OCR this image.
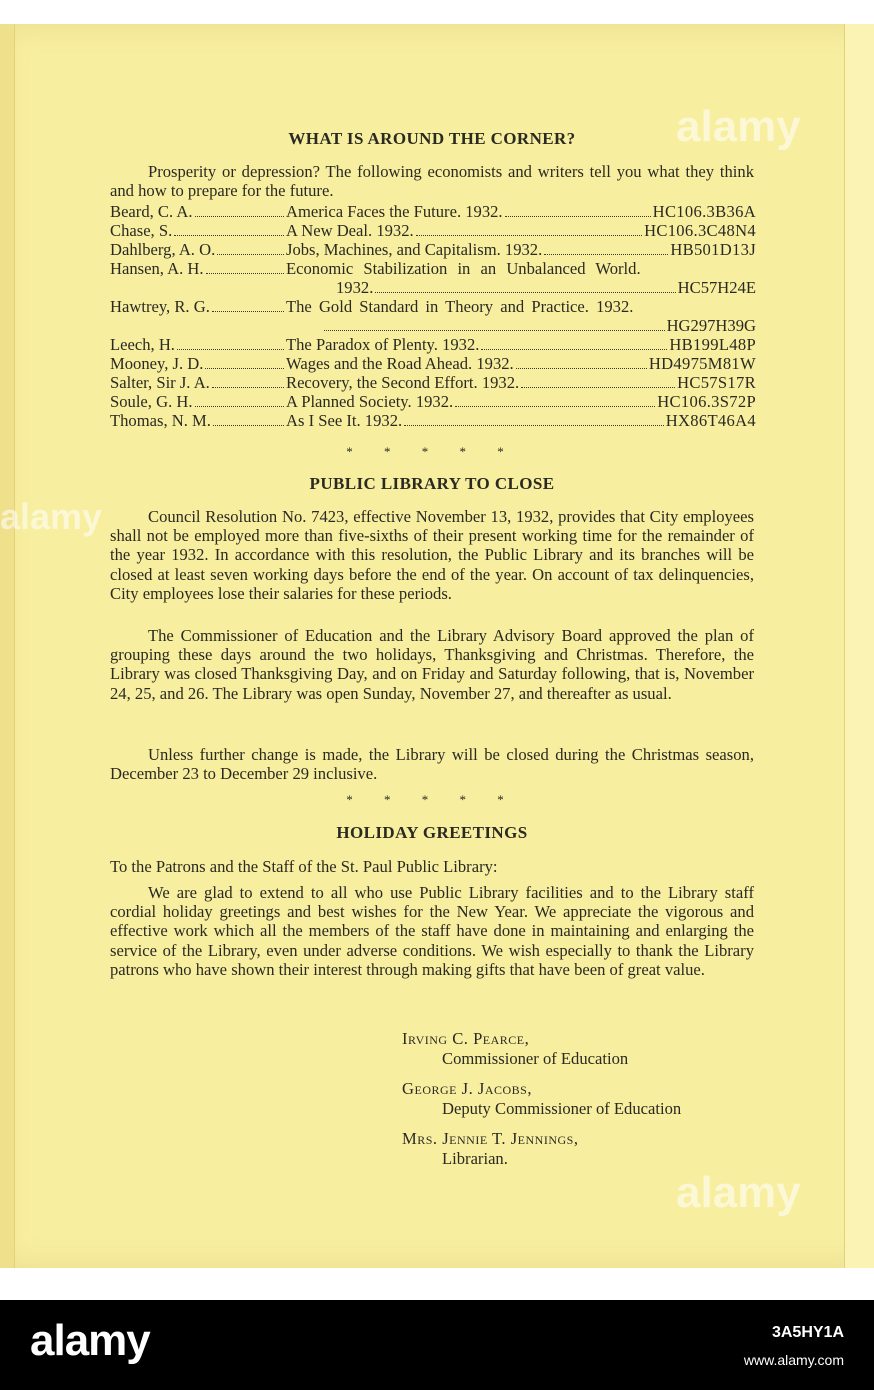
alamy
alamy
alamy
WHAT IS AROUND THE CORNER?

Prosperity or depression? The following economists and writers tell you what they think and how to prepare for the future.

Beard, C. A.	America Faces the Future. 1932.	HC106.3B36A
Chase, S.	A New Deal. 1932.	HC106.3C48N4
Dahlberg, A. O.	Jobs, Machines, and Capitalism. 1932.	HB501D13J
Hansen, A. H.	Economic Stabilization in an Unbalanced World.
1932.	HC57H24E
Hawtrey, R. G.	The Gold Standard in Theory and Practice. 1932.
HG297H39G
Leech, H.	The Paradox of Plenty. 1932.	HB199L48P
Mooney, J. D.	Wages and the Road Ahead. 1932.	HD4975M81W
Salter, Sir J. A.	Recovery, the Second Effort. 1932.	HC57S17R
Soule, G. H.	A Planned Society. 1932.	HC106.3S72P
Thomas, N. M.	As I See It. 1932.	HX86T46A4
* * * * *
PUBLIC LIBRARY TO CLOSE

Council Resolution No. 7423, effective November 13, 1932, provides that City employees shall not be employed more than five-sixths of their present working time for the remainder of the year 1932. In accordance with this resolution, the Public Library and its branches will be closed at least seven working days before the end of the year. On account of tax delinquencies, City employees lose their salaries for these periods.

The Commissioner of Education and the Library Advisory Board approved the plan of grouping these days around the two holidays, Thanksgiving and Christmas. Therefore, the Library was closed Thanksgiving Day, and on Friday and Saturday following, that is, November 24, 25, and 26. The Library was open Sunday, November 27, and thereafter as usual.

Unless further change is made, the Library will be closed during the Christmas season, December 23 to December 29 inclusive.

* * * * *
HOLIDAY GREETINGS

To the Patrons and the Staff of the St. Paul Public Library:

We are glad to extend to all who use Public Library facilities and to the Library staff cordial holiday greetings and best wishes for the New Year. We appreciate the vigorous and effective work which all the members of the staff have done in maintaining and enlarging the service of the Library, even under adverse conditions. We wish especially to thank the Library patrons who have shown their interest through making gifts that have been of great value.

Irving C. Pearce,
Commissioner of Education
George J. Jacobs,
Deputy Commissioner of Education
Mrs. Jennie T. Jennings,
Librarian.
alamy	3A5HY1A
www.alamy.com
